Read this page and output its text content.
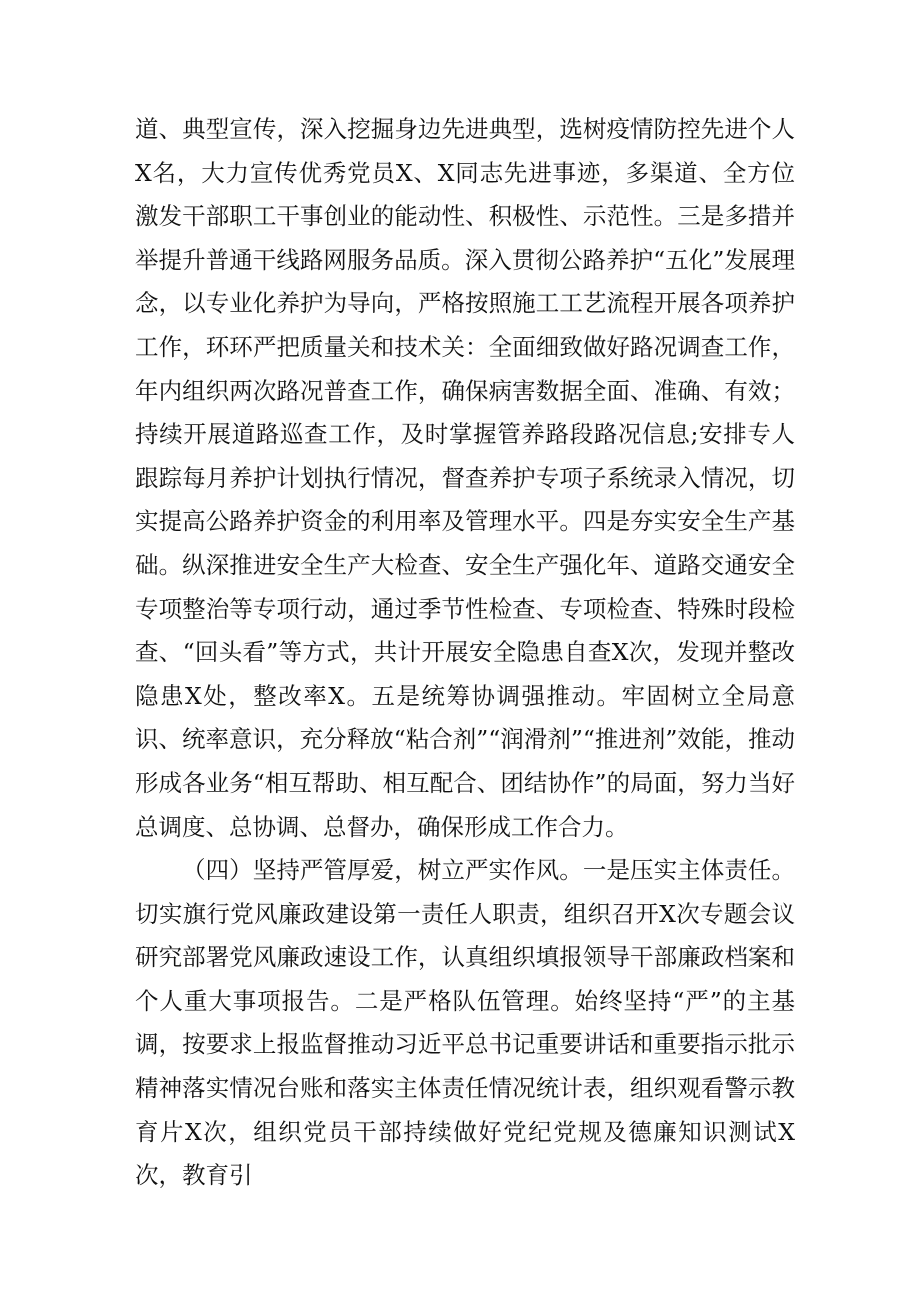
道、典型宣传，深入挖掘身边先进典型，选树疫情防控先进个人X名，大力宣传优秀党员X、X同志先进事迹，多渠道、全方位激发干部职工干事创业的能动性、积极性、示范性。三是多措并举提升普通干线路网服务品质。深入贯彻公路养护“五化”发展理念，以专业化养护为导向，严格按照施工工艺流程开展各项养护工作，环环严把质量关和技术关：全面细致做好路况调查工作，年内组织两次路况普查工作，确保病害数据全面、准确、有效；持续开展道路巡查工作，及时掌握管养路段路况信息;安排专人跟踪每月养护计划执行情况，督查养护专项子系统录入情况，切实提高公路养护资金的利用率及管理水平。四是夯实安全生产基础。纵深推进安全生产大检查、安全生产强化年、道路交通安全专项整治等专项行动，通过季节性检查、专项检查、特殊时段检查、“回头看”等方式，共计开展安全隐患自查X次，发现并整改隐患X处，整改率X。五是统筹协调强推动。牢固树立全局意识、统率意识，充分释放“粘合剂”“润滑剂”“推进剂”效能，推动形成各业务“相互帮助、相互配合、团结协作”的局面，努力当好总调度、总协调、总督办，确保形成工作合力。

（四）坚持严管厚爱，树立严实作风。一是压实主体责任。切实旗行党风廉政建设第一责任人职责，组织召开X次专题会议研究部署党风廉政速设工作，认真组织填报领导干部廉政档案和个人重大事项报告。二是严格队伍管理。始终坚持“严”的主基调，按要求上报监督推动习近平总书记重要讲话和重要指示批示精神落实情况台账和落实主体责任情况统计表，组织观看警示教育片X次，组织党员干部持续做好党纪党规及德廉知识测试X次，教育引
